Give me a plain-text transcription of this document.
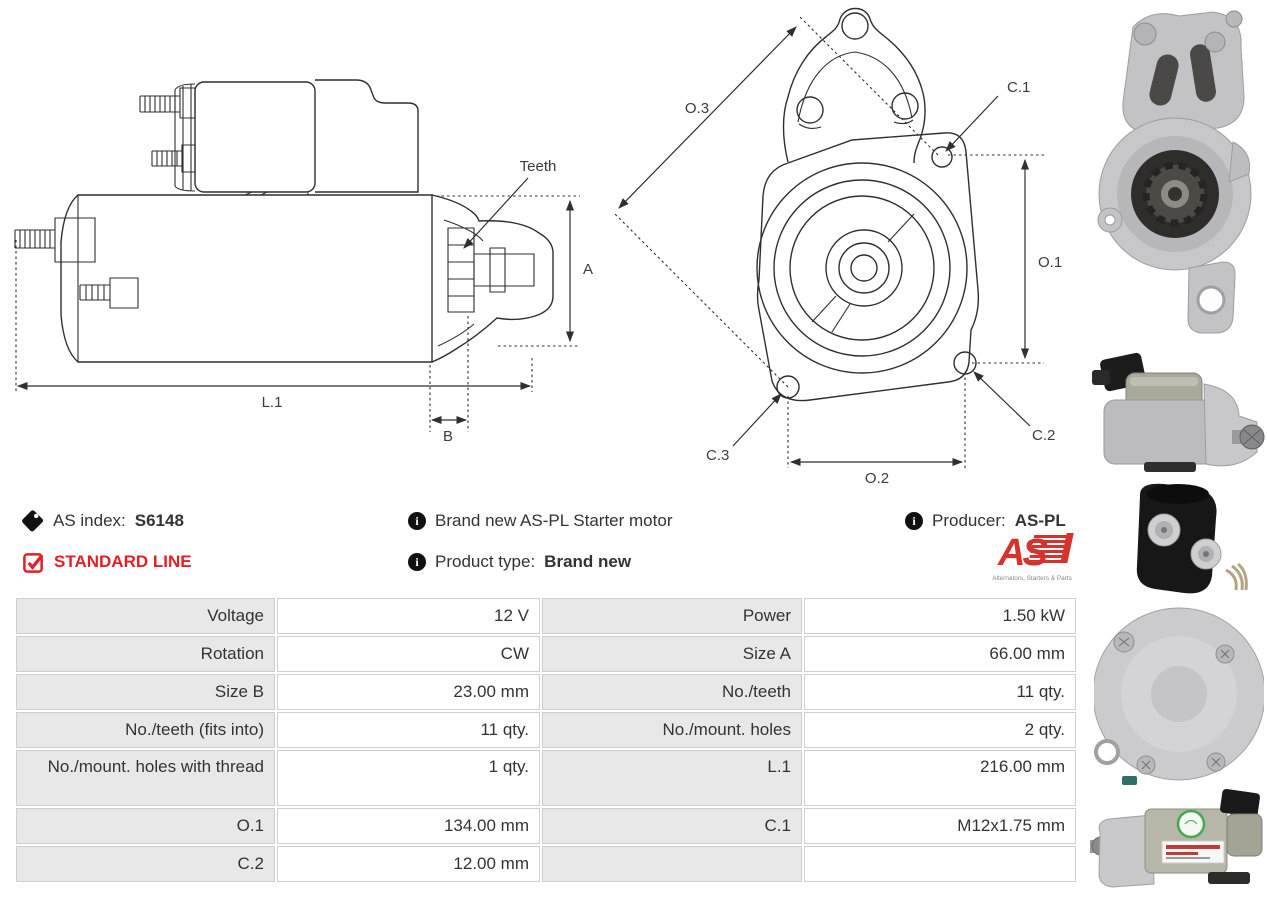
Teeth
A
L.1
B
O.3
C.1
O.1
O.2
C.2
C.3
AS index: S6148
STANDARD LINE
i Brand new AS-PL Starter motor
i Product type: Brand new
i Producer: AS-PL
AS
Alternators, Starters & Parts
Voltage	12 V	Power	1.50 kW
Rotation	CW	Size A	66.00 mm
Size B	23.00 mm	No./teeth	11 qty.
No./teeth (fits into)	11 qty.	No./mount. holes	2 qty.
No./mount. holes with thread	1 qty.	L.1	216.00 mm
O.1	134.00 mm	C.1	M12x1.75 mm
C.2	12.00 mm
